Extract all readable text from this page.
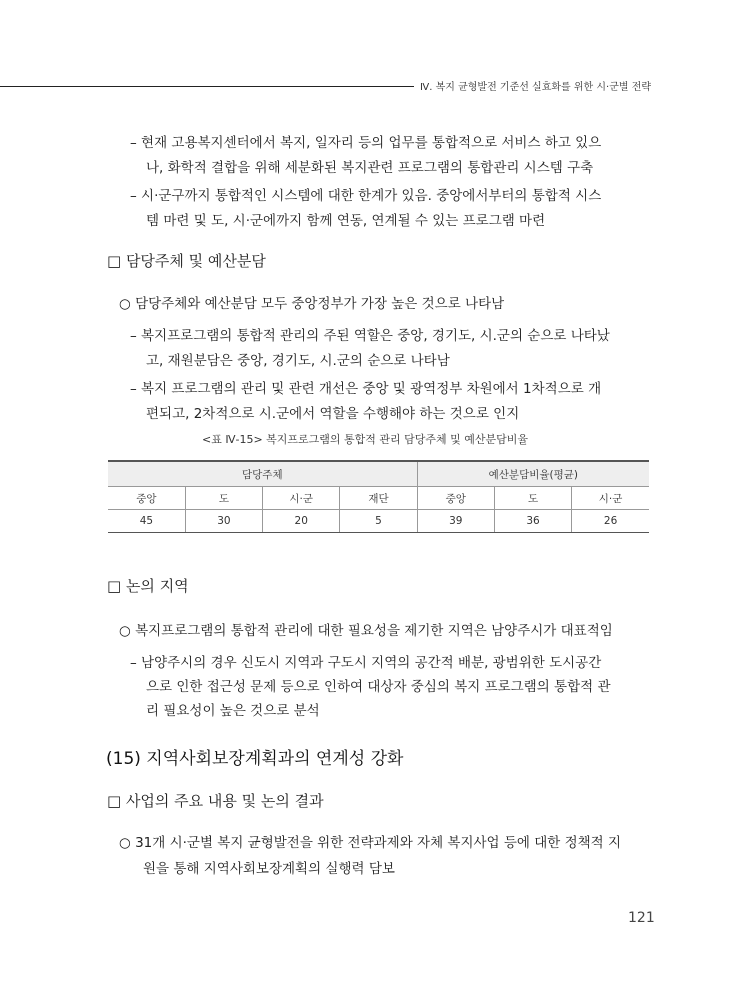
Ⅳ. 복지 균형발전 기준선 실효화를 위한 시·군별 전략
– 현재 고용복지센터에서 복지, 일자리 등의 업무를 통합적으로 서비스 하고 있으
나, 화학적 결합을 위해 세분화된 복지관련 프로그램의 통합관리 시스템 구축
– 시·군구까지 통합적인 시스템에 대한 한계가 있음. 중앙에서부터의 통합적 시스
템 마련 및 도, 시·군에까지 함께 연동, 연계될 수 있는 프로그램 마련
□ 담당주체 및 예산분담
○ 담당주체와 예산분담 모두 중앙정부가 가장 높은 것으로 나타남
– 복지프로그램의 통합적 관리의 주된 역할은 중앙, 경기도, 시.군의 순으로 나타났
고, 재원분담은 중앙, 경기도, 시.군의 순으로 나타남
– 복지 프로그램의 관리 및 관련 개선은 중앙 및 광역정부 차원에서 1차적으로 개
편되고, 2차적으로 시.군에서 역할을 수행해야 하는 것으로 인지
<표 Ⅳ-15> 복지프로그램의 통합적 관리 담당주체 및 예산분담비율
담당주체				예산분담비율(평균)		
중앙	도	시·군	재단	중앙	도	시·군
45	30	20	5	39	36	26
□ 논의 지역
○ 복지프로그램의 통합적 관리에 대한 필요성을 제기한 지역은 남양주시가 대표적임
– 남양주시의 경우 신도시 지역과 구도시 지역의 공간적 배분, 광범위한 도시공간
으로 인한 접근성 문제 등으로 인하여 대상자 중심의 복지 프로그램의 통합적 관
리 필요성이 높은 것으로 분석
(15) 지역사회보장계획과의 연계성 강화
□ 사업의 주요 내용 및 논의 결과
○ 31개 시·군별 복지 균형발전을 위한 전략과제와 자체 복지사업 등에 대한 정책적 지
원을 통해 지역사회보장계획의 실행력 담보
121
